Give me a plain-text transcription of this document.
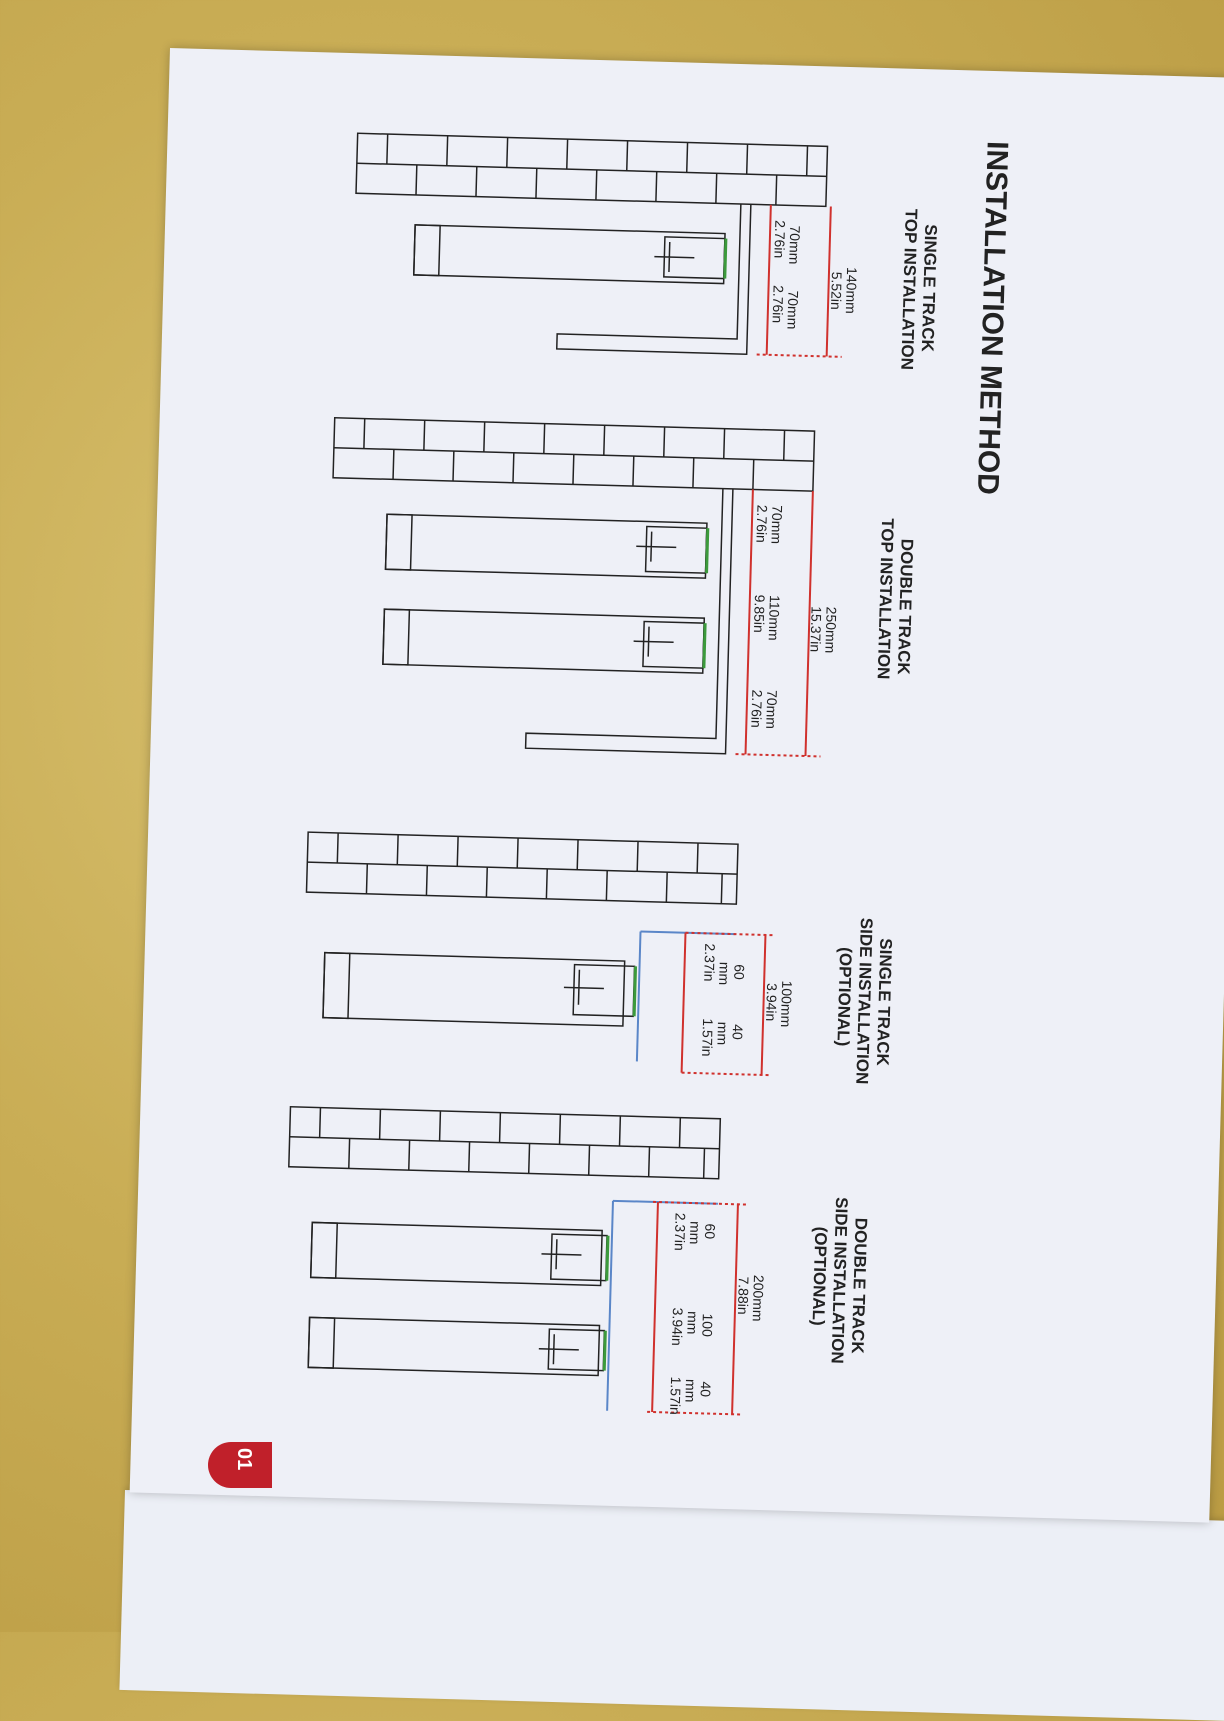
INSTALLATION METHOD
SINGLE TRACK
TOP INSTALLATION
140mm
5.52in
70mm
2.76in
70mm
2.76in
DOUBLE TRACK
TOP INSTALLATION
250mm
15.37in
70mm
2.76in
110mm
9.85in
70mm
2.76in
SINGLE TRACK
SIDE INSTALLATION
(OPTIONAL)
100mm
3.94in
60
mm
2.37in
40
mm
1.57in
DOUBLE TRACK
SIDE INSTALLATION
(OPTIONAL)
200mm
7.88in
60
mm
2.37in
100
mm
3.94in
40
mm
1.57in
01
